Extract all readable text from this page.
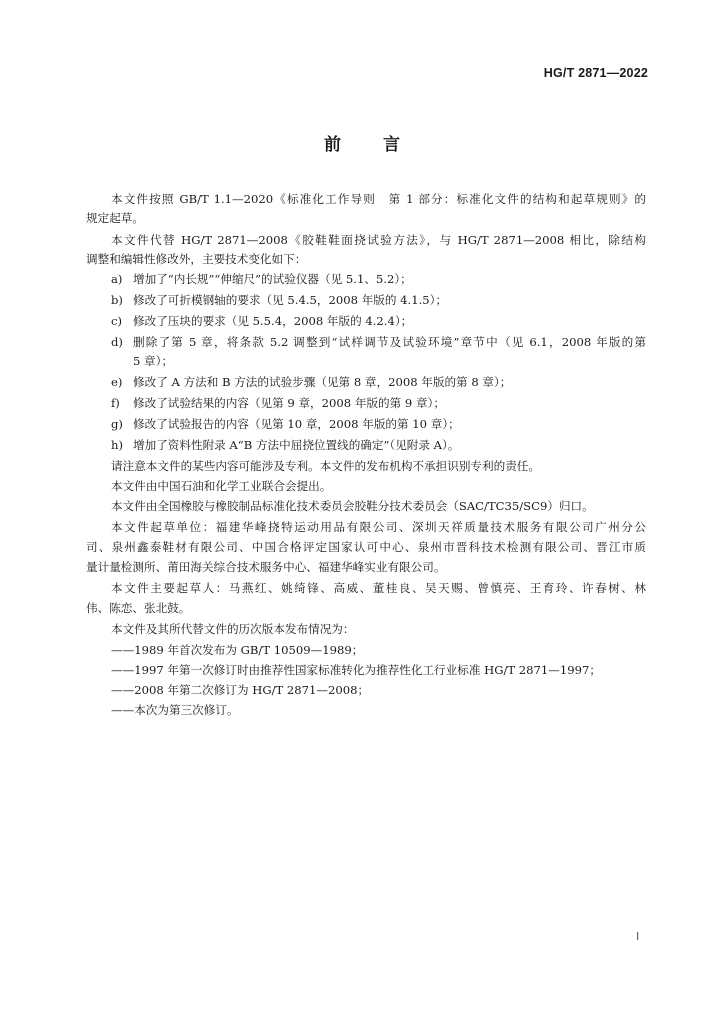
HG/T 2871—2022
前言
本文件按照 GB/T 1.1—2020《标准化工作导则　第 1 部分：标准化文件的结构和起草规则》的
规定起草。
本文件代替 HG/T 2871—2008《胶鞋鞋面挠试验方法》，与 HG/T 2871—2008 相比，除结构
调整和编辑性修改外，主要技术变化如下：
a) 增加了“内长规”“伸缩尺”的试验仪器（见 5.1、5.2）；
b) 修改了可折模钢轴的要求（见 5.4.5，2008 年版的 4.1.5）；
c) 修改了压块的要求（见 5.5.4，2008 年版的 4.2.4）；
d) 删除了第 5 章，将条款 5.2 调整到“试样调节及试验环境”章节中（见 6.1，2008 年版的第
5 章）；
e) 修改了 A 方法和 B 方法的试验步骤（见第 8 章，2008 年版的第 8 章）；
f) 修改了试验结果的内容（见第 9 章，2008 年版的第 9 章）；
g) 修改了试验报告的内容（见第 10 章，2008 年版的第 10 章）；
h) 增加了资料性附录 A“B 方法中屈挠位置线的确定”（见附录 A）。
请注意本文件的某些内容可能涉及专利。本文件的发布机构不承担识别专利的责任。
本文件由中国石油和化学工业联合会提出。
本文件由全国橡胶与橡胶制品标准化技术委员会胶鞋分技术委员会（SAC/TC35/SC9）归口。
本文件起草单位：福建华峰挠特运动用品有限公司、深圳天祥质量技术服务有限公司广州分公
司、泉州鑫泰鞋材有限公司、中国合格评定国家认可中心、泉州市晋科技术检测有限公司、晋江市质
量计量检测所、莆田海关综合技术服务中心、福建华峰实业有限公司。
本文件主要起草人：马燕红、姚绮锋、高威、董桂良、吴天赐、曾慎亮、王育玲、许春树、林
伟、陈恋、张北鼓。
本文件及其所代替文件的历次版本发布情况为：
——1989 年首次发布为 GB/T 10509—1989；
——1997 年第一次修订时由推荐性国家标准转化为推荐性化工行业标准 HG/T 2871—1997；
——2008 年第二次修订为 HG/T 2871—2008；
——本次为第三次修订。
I
